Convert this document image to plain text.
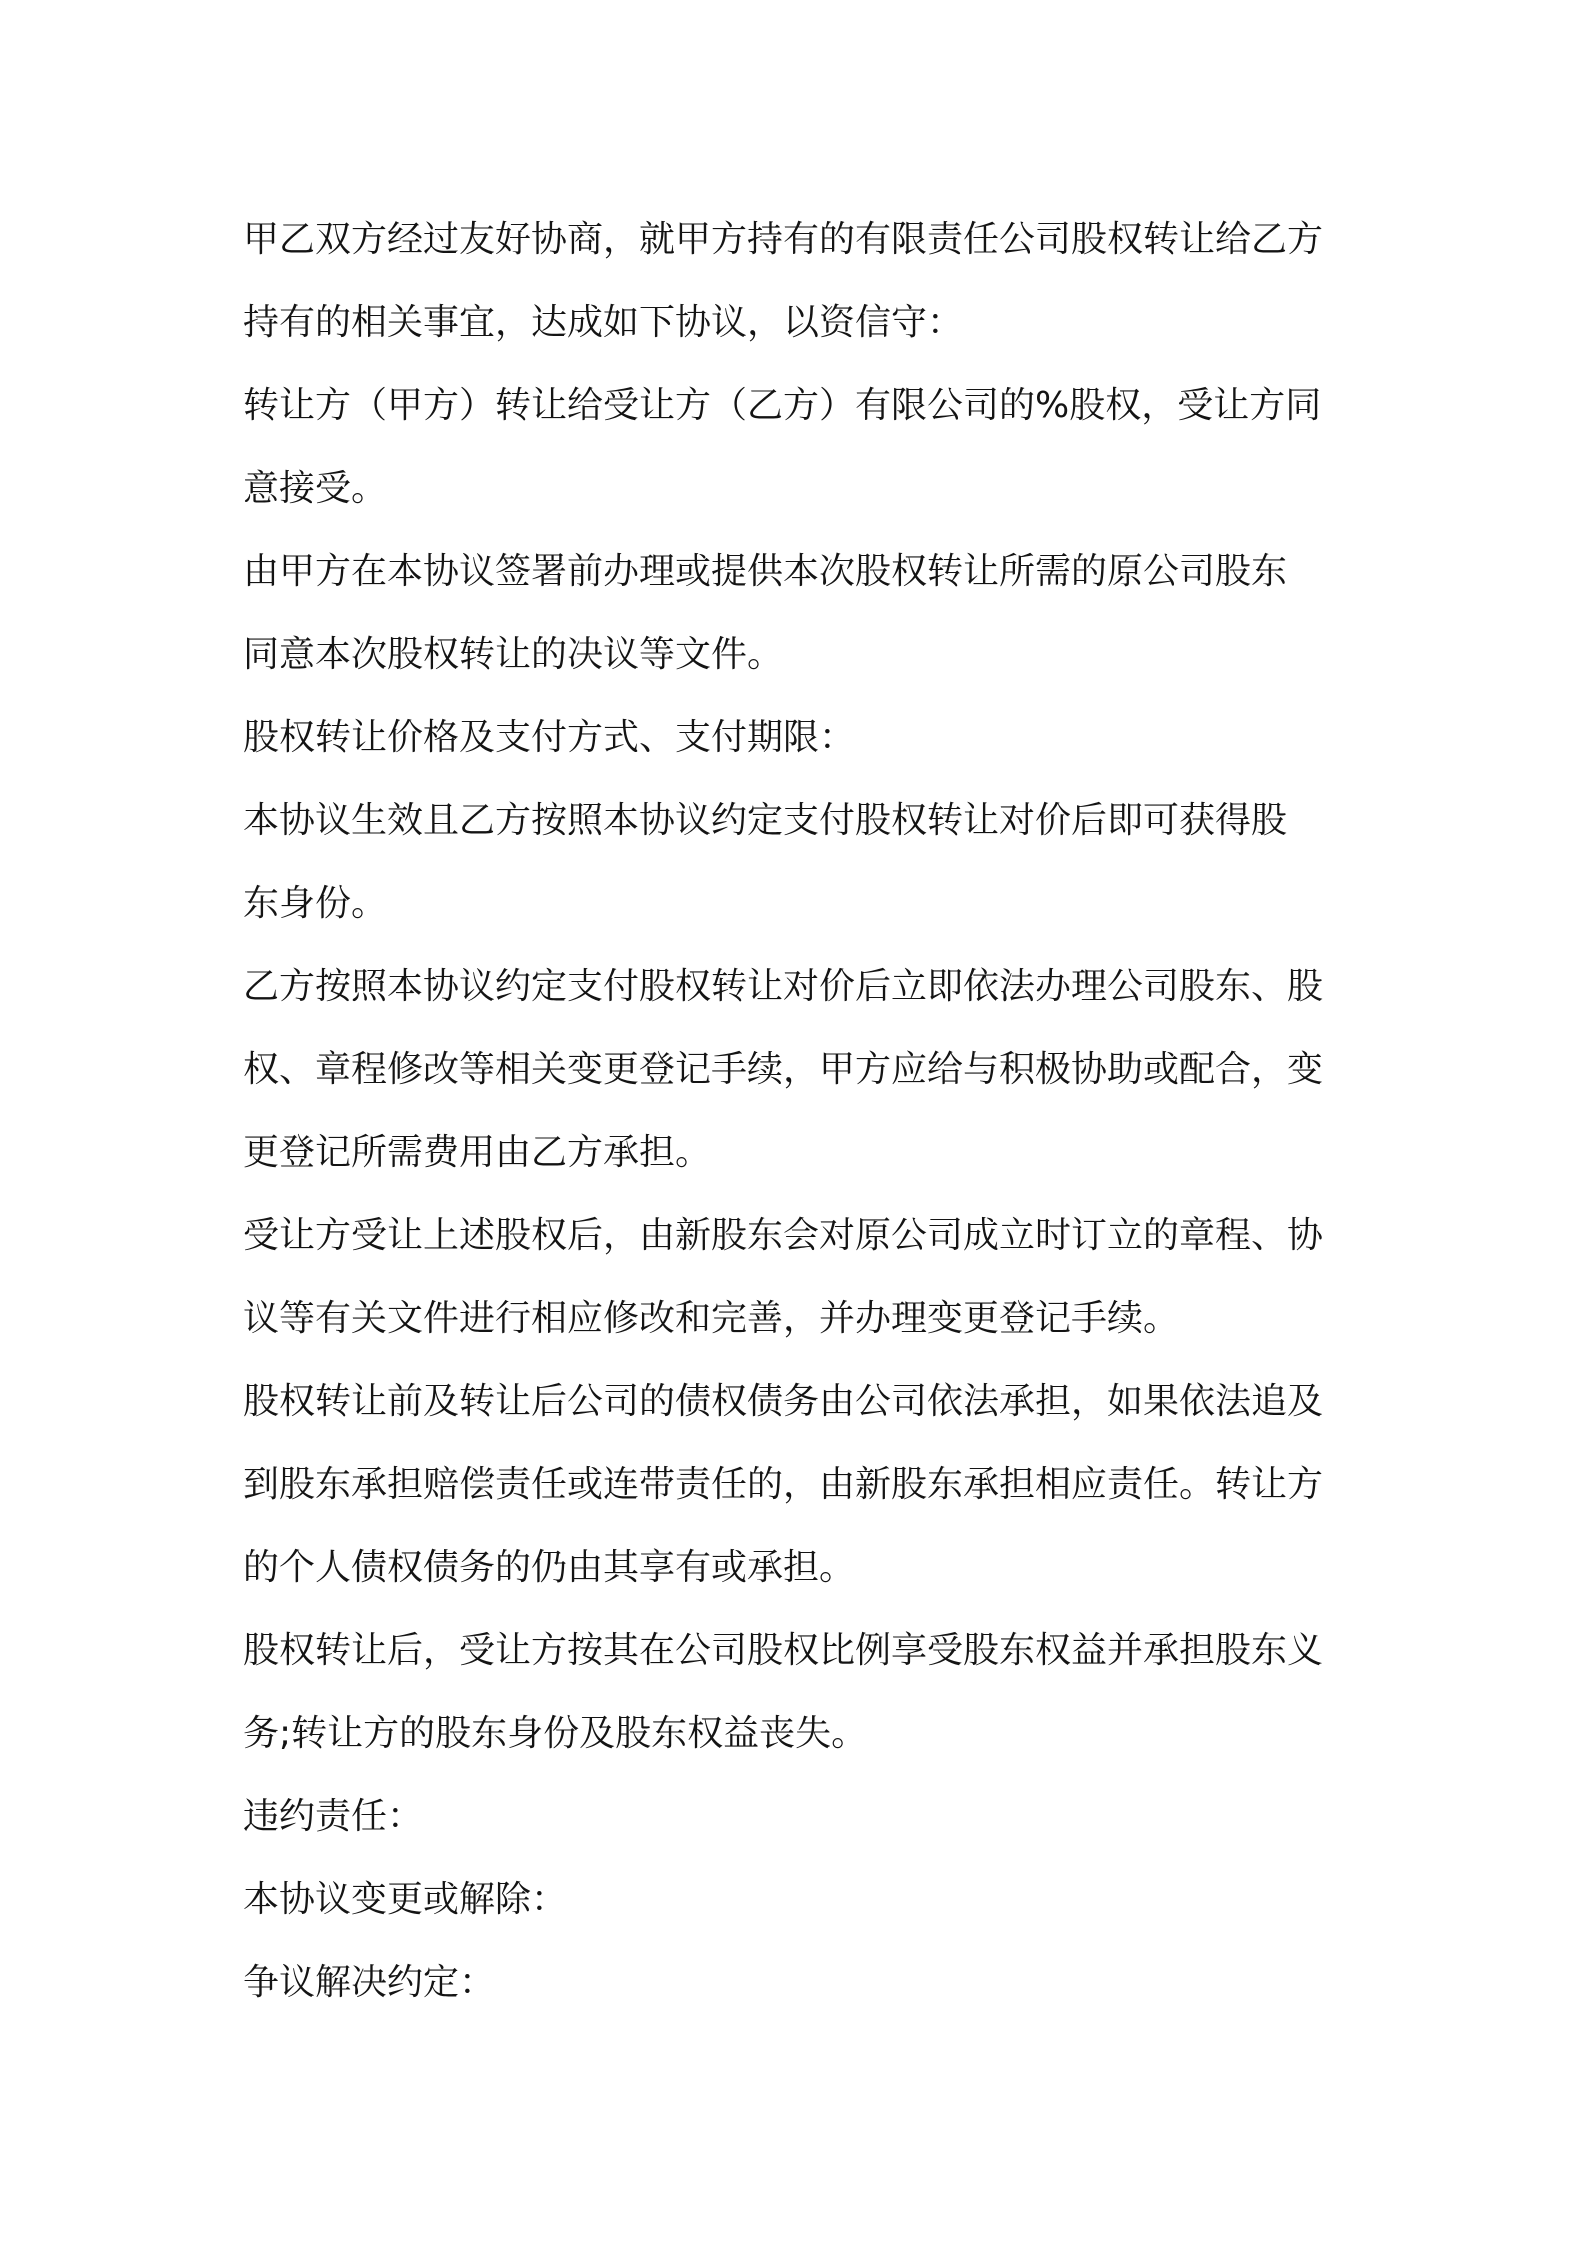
甲乙双方经过友好协商，就甲方持有的有限责任公司股权转让给乙方
持有的相关事宜，达成如下协议，以资信守：
转让方（甲方）转让给受让方（乙方）有限公司的%股权，受让方同
意接受。
由甲方在本协议签署前办理或提供本次股权转让所需的原公司股东
同意本次股权转让的决议等文件。
股权转让价格及支付方式、支付期限：
本协议生效且乙方按照本协议约定支付股权转让对价后即可获得股
东身份。
乙方按照本协议约定支付股权转让对价后立即依法办理公司股东、股
权、章程修改等相关变更登记手续，甲方应给与积极协助或配合，变
更登记所需费用由乙方承担。
受让方受让上述股权后，由新股东会对原公司成立时订立的章程、协
议等有关文件进行相应修改和完善，并办理变更登记手续。
股权转让前及转让后公司的债权债务由公司依法承担，如果依法追及
到股东承担赔偿责任或连带责任的，由新股东承担相应责任。转让方
的个人债权债务的仍由其享有或承担。
股权转让后，受让方按其在公司股权比例享受股东权益并承担股东义
务;转让方的股东身份及股东权益丧失。
违约责任：
本协议变更或解除：
争议解决约定：
